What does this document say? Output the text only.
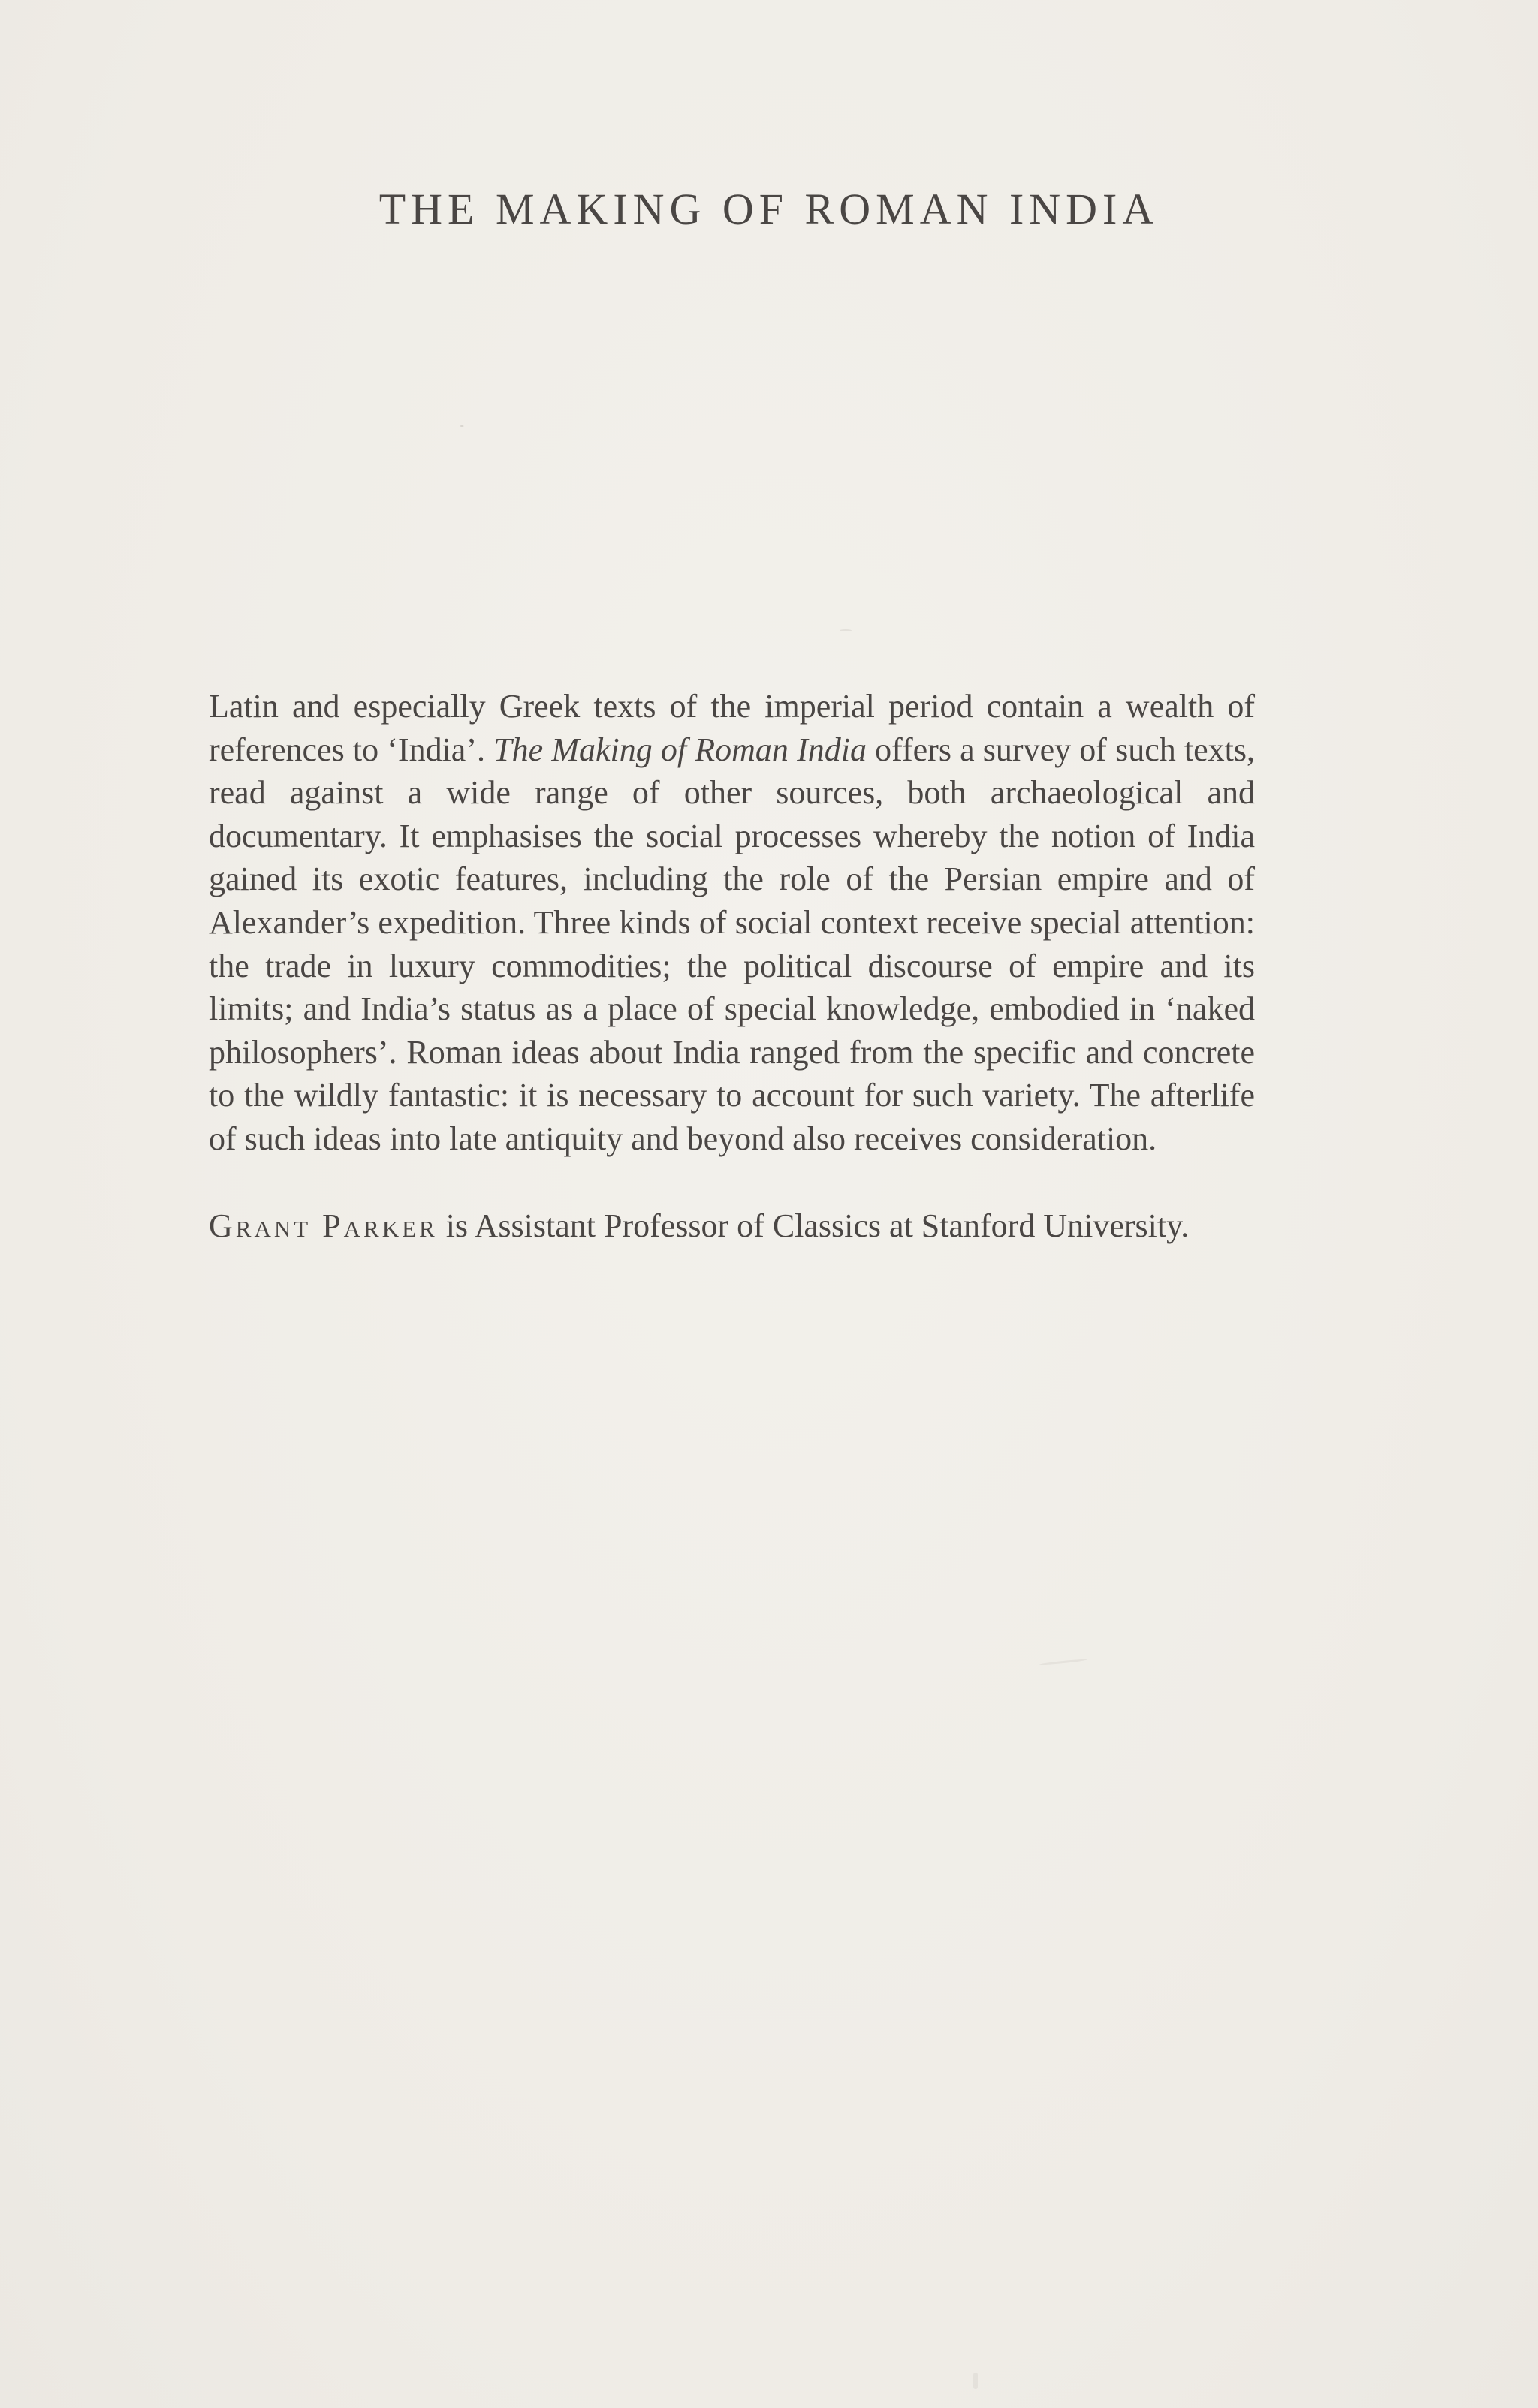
THE MAKING OF ROMAN INDIA

Latin and especially Greek texts of the imperial period contain a wealth of references to ‘India’. The Making of Roman India offers a survey of such texts, read against a wide range of other sources, both archaeological and documentary. It emphasises the social processes whereby the notion of India gained its exotic features, including the role of the Persian empire and of Alexander’s expedition. Three kinds of social context receive special attention: the trade in luxury commodities; the political discourse of empire and its limits; and India’s status as a place of special knowledge, embodied in ‘naked philosophers’. Roman ideas about India ranged from the specific and concrete to the wildly fantastic: it is necessary to account for such variety. The afterlife of such ideas into late antiquity and beyond also receives consideration.

Grant Parker is Assistant Professor of Classics at Stanford University.
